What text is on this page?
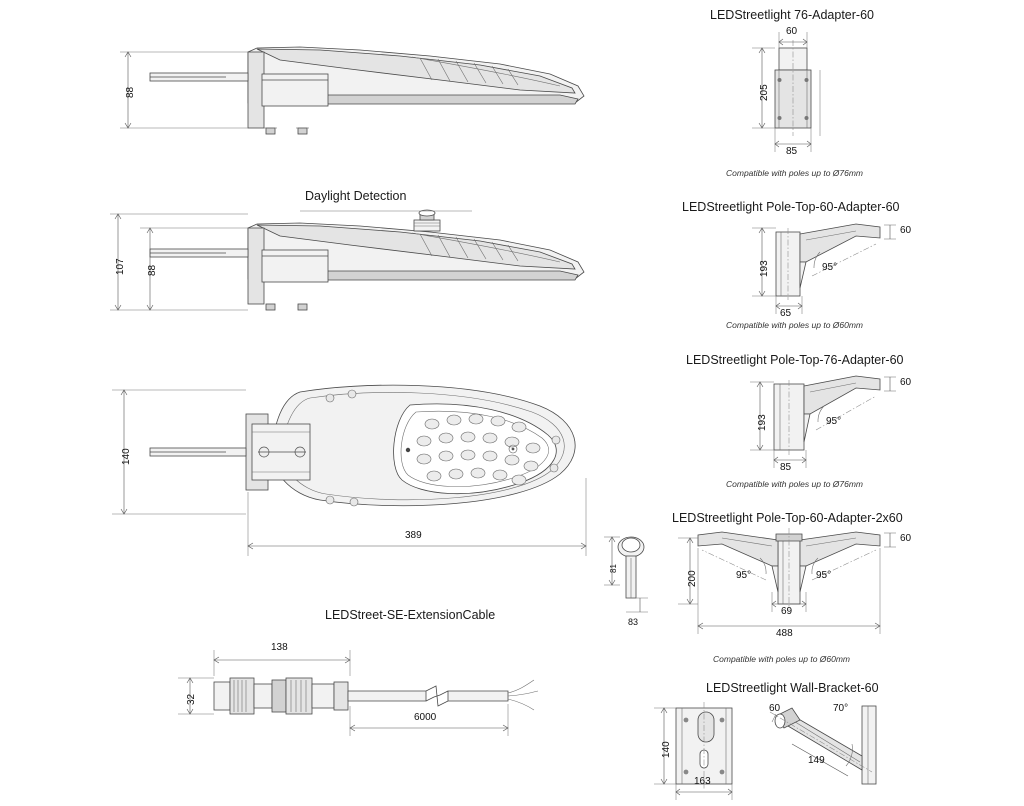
Daylight Detection
LEDStreet-SE-ExtensionCable
LEDStreetlight 76-Adapter-60
LEDStreetlight Pole-Top-60-Adapter-60
LEDStreetlight Pole-Top-76-Adapter-60
LEDStreetlight Pole-Top-60-Adapter-2x60
LEDStreetlight Wall-Bracket-60
Compatible with poles up to Ø76mm
Compatible with poles up to Ø60mm
Compatible with poles up to Ø76mm
Compatible with poles up to Ø60mm
88
107 88
140
389
81
83
138
32
6000
60
205
85
60
193
65
95°
60
193
85
95°
60
200
69
488
95°	95°
140
163
60	70°
149
